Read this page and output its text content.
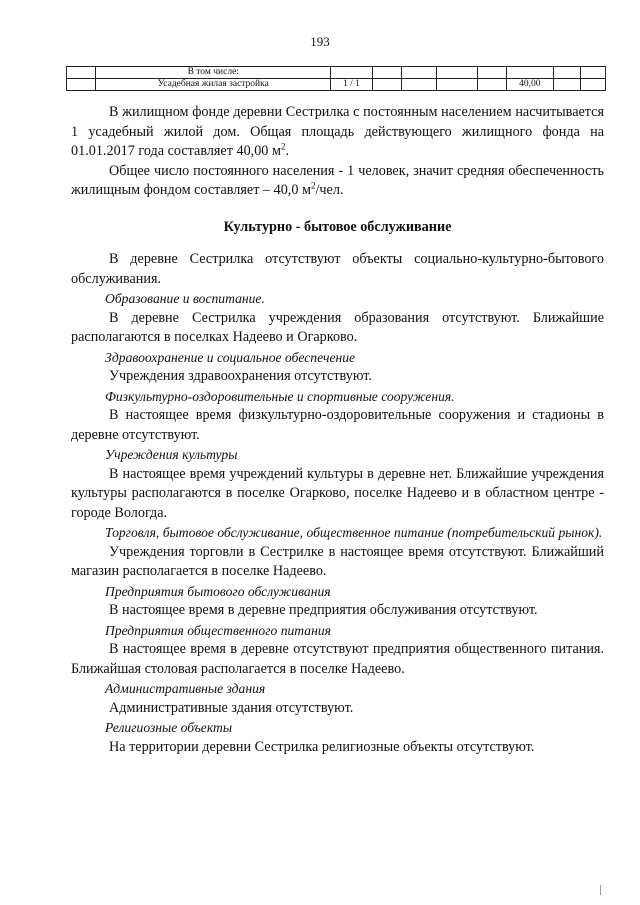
193
	В том числе:								
	Усадебная жилая застройка	1 / 1					40,00		

В жилищном фонде деревни Сестрилка с постоянным населением насчитывается 1 усадебный жилой дом. Общая площадь действующего жилищного фонда на 01.01.2017 года составляет 40,00 $м^2$.

Общее число постоянного населения - 1 человек, значит средняя обеспеченность жилищным фондом составляет – 40,0 $м^2$/чел.

Культурно - бытовое обслуживание

В деревне Сестрилка отсутствуют объекты социально-культурно-бытового обслуживания.

Образование и воспитание.

В деревне Сестрилка учреждения образования отсутствуют. Ближайшие располагаются в поселках Надеево и Огарково.

Здравоохранение и социальное обеспечение

Учреждения здравоохранения отсутствуют.

Физкультурно-оздоровительные и спортивные сооружения.

В настоящее время физкультурно-оздоровительные сооружения и стадионы в деревне отсутствуют.

Учреждения культуры

В настоящее время учреждений культуры в деревне нет. Ближайшие учреждения культуры располагаются в поселке Огарково, поселке Надеево и в областном центре - городе Вологда.

Торговля, бытовое обслуживание, общественное питание (потребительский рынок).

Учреждения торговли в Сестрилке в настоящее время отсутствуют. Ближайший магазин располагается в поселке Надеево.

Предприятия бытового обслуживания

В настоящее время в деревне предприятия обслуживания отсутствуют.

Предприятия общественного питания

В настоящее время в деревне отсутствуют предприятия общественного питания. Ближайшая столовая располагается в поселке Надеево.

Административные здания

Административные здания отсутствуют.

Религиозные объекты

На территории деревни Сестрилка религиозные объекты отсутствуют.
